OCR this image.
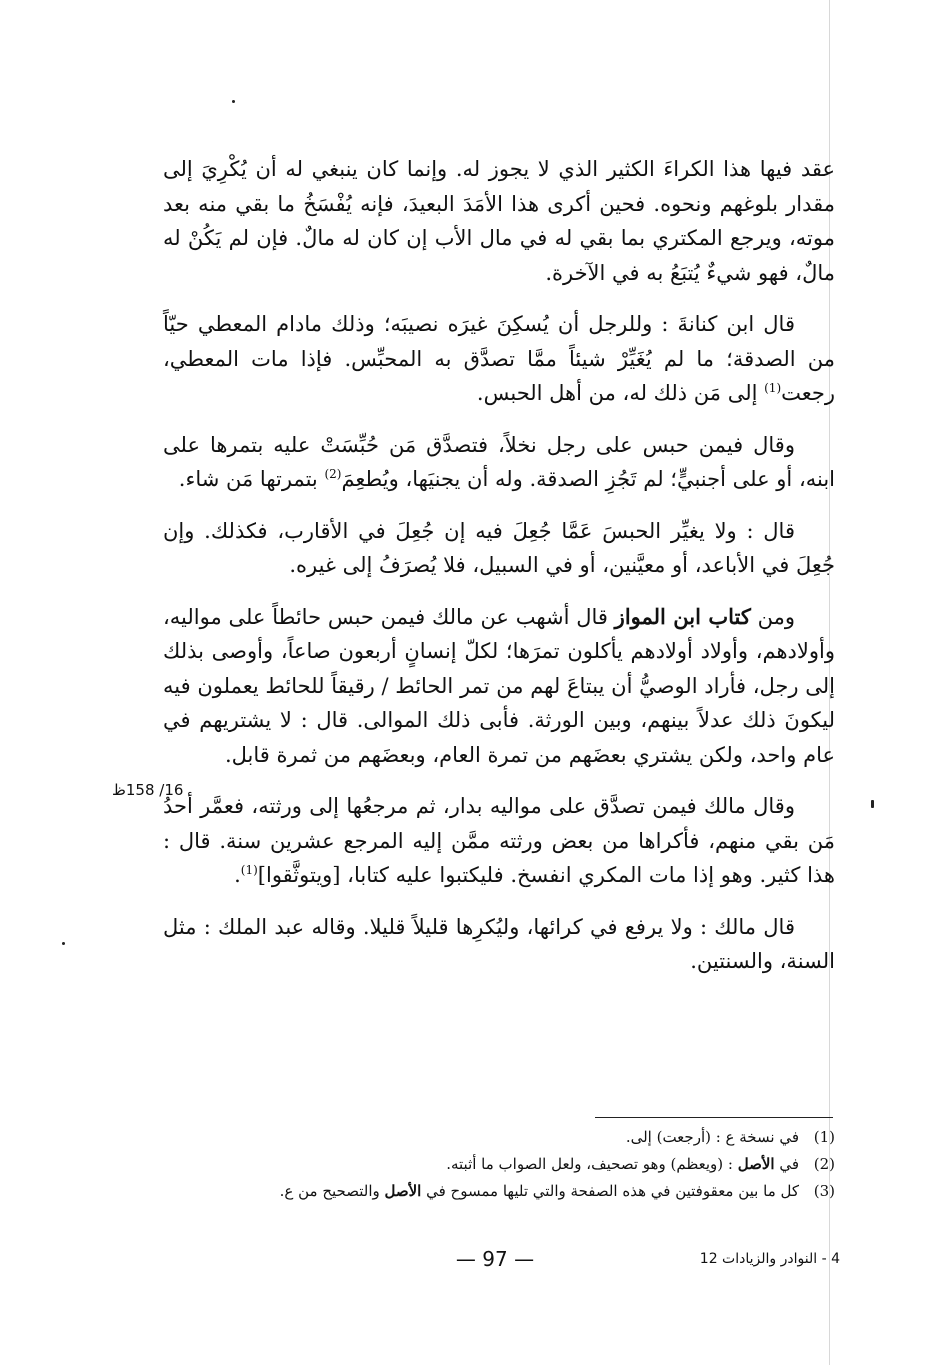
عقد فيها هذا الكراءَ الكثير الذي لا يجوز له. وإنما كان ينبغي له أن يُكْرِيَ إلى مقدار بلوغهم ونحوه. فحين أكرى هذا الأمَدَ البعيدَ، فإنه يُفْسَخُ ما بقي منه بعد موته، ويرجع المكتري بما بقي له في مال الأب إن كان له مالٌ. فإن لم يَكُنْ له مالٌ، فهو شيءٌ يُتبَعُ به في الآخرة.

قال ابن كنانةَ : وللرجل أن يُسكِنَ غيرَه نصيبَه؛ وذلك مادام المعطي حيّاً من الصدقة؛ ما لم يُغَيِّرْ شيئاً ممَّا تصدَّق به المحبِّس. فإذا مات المعطي، رجعت$^{(1)}$ إلى مَن ذلك له، من أهل الحبس.

وقال فيمن حبس على رجل نخلاً، فتصدَّق مَن حُبِّسَتْ عليه بتمرها على ابنه، أو على أجنبيٍّ؛ لم تَجُزِ الصدقة. وله أن يجنيَها، ويُطعِمَ$^{(2)}$ بتمرتها مَن شاء.

قال : ولا يغيِّر الحبسَ عَمَّا جُعِلَ فيه إن جُعِلَ في الأقارب، فكذلك. وإن جُعِلَ في الأباعد، أو معيَّنين، أو في السبيل، فلا يُصرَفُ إلى غيره.

ومن كتاب ابن المواز قال أشهب عن مالك فيمن حبس حائطاً على مواليه، وأولادهم، وأولاد أولادهم يأكلون تمرَها؛ لكلّ إنسانٍ أربعون صاعاً، وأوصى بذلك إلى رجل، فأراد الوصيُّ أن يبتاعَ لهم من تمر الحائط / رقيقاً للحائط يعملون فيه ليكونَ ذلك عدلاً بينهم، وبين الورثة. فأبى ذلك الموالى. قال : لا يشتريهم في عام واحد، ولكن يشتري بعضَهم من تمرة العام، وبعضَهم من ثمرة قابل.

وقال مالك فيمن تصدَّق على مواليه بدار، ثم مرجعُها إلى ورثته، فعمَّر أحدُ مَن بقي منهم، فأكراها من بعض ورثته ممَّن إليه المرجع عشرين سنة. قال : هذا كثير. وهو إذا مات المكري انفسخ. فليكتبوا عليه كتابا، [ويتوثَّقوا]$^{(1)}$.

قال مالك : ولا يرفع في كرائها، وليُكرِها قليلاً قليلا. وقاله عبد الملك : مثل السنة، والسنتين.

16/ 158ظ

(1)
في نسخة ع : (أرجعت) إلى.

(2)
في الأصل : (ويعظم) وهو تصحيف، ولعل الصواب ما أثبته.

(3)
كل ما بين معقوفتين في هذه الصفحة والتي تليها ممسوح في الأصل والتصحيح من ع.

— 97 —	4 - النوادر والزيادات 12
